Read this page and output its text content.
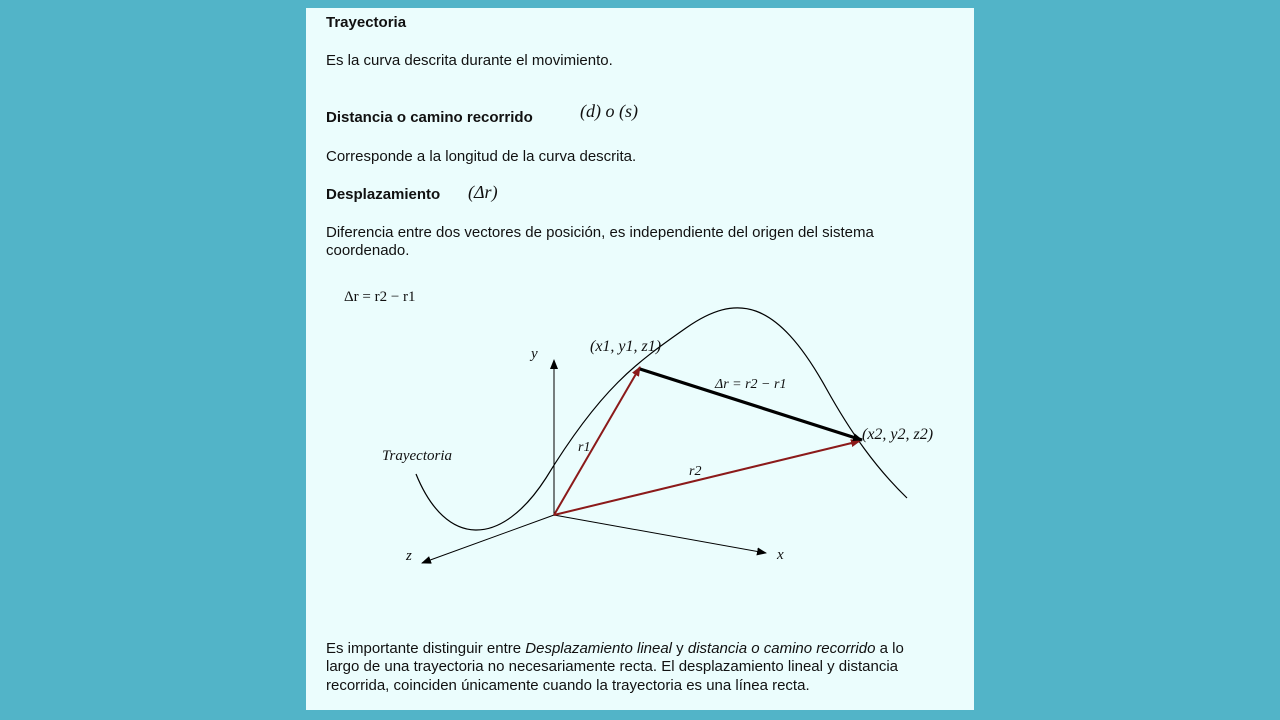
Trayectoria
Es la curva descrita durante el movimiento.
Distancia o camino recorrido	(d) o (s)
Corresponde a la longitud de la curva descrita.
Desplazamiento (Δr)
Diferencia entre dos vectores de posición, es independiente del origen del sistema
coordenado.
Δr = r2 − r1
y
x
z
Trayectoria
(x1, y1, z1)
(x2, y2, z2)
r1
r2
Δr = r2 − r1
Es importante distinguir entre Desplazamiento lineal y distancia o camino recorrido a lo
largo de una trayectoria no necesariamente recta. El desplazamiento lineal y distancia
recorrida, coinciden únicamente cuando la trayectoria es una línea recta.
